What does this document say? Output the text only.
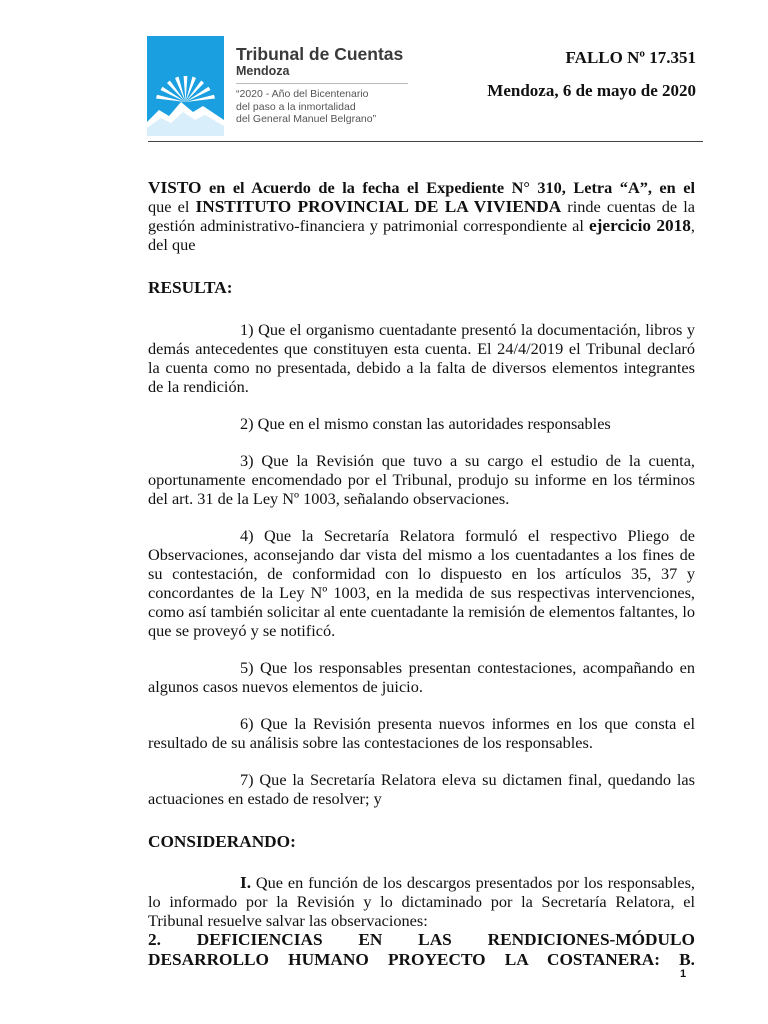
Tribunal de Cuentas
Mendoza
“2020 - Año del Bicentenario
del paso a la inmortalidad
del General Manuel Belgrano”
FALLO Nº 17.351
Mendoza, 6 de mayo de 2020

VISTO en el Acuerdo de la fecha el Expediente N° 310, Letra “A”, en el

que el INSTITUTO PROVINCIAL DE LA VIVIENDA rinde cuentas de la gestión administrativo-financiera y patrimonial correspondiente al ejercicio 2018, del que

RESULTA:

1) Que el organismo cuentadante presentó la documentación, libros y demás antecedentes que constituyen esta cuenta. El 24/4/2019 el Tribunal declaró la cuenta como no presentada, debido a la falta de diversos elementos integrantes de la rendición.

2) Que en el mismo constan las autoridades responsables

3) Que la Revisión que tuvo a su cargo el estudio de la cuenta, oportunamente encomendado por el Tribunal, produjo su informe en los términos del art. 31 de la Ley Nº 1003, señalando observaciones.

4) Que la Secretaría Relatora formuló el respectivo Pliego de Observaciones, aconsejando dar vista del mismo a los cuentadantes a los fines de su contestación, de conformidad con lo dispuesto en los artículos 35, 37 y concordantes de la Ley Nº 1003, en la medida de sus respectivas intervenciones, como así también solicitar al ente cuentadante la remisión de elementos faltantes, lo que se proveyó y se notificó.

5) Que los responsables presentan contestaciones, acompañando en algunos casos nuevos elementos de juicio.

6) Que la Revisión presenta nuevos informes en los que consta el resultado de su análisis sobre las contestaciones de los responsables.

7) Que la Secretaría Relatora eleva su dictamen final, quedando las actuaciones en estado de resolver; y

CONSIDERANDO:

I. Que en función de los descargos presentados por los responsables, lo informado por la Revisión y lo dictaminado por la Secretaría Relatora, el Tribunal resuelve salvar las observaciones:

2. DEFICIENCIAS EN LAS RENDICIONES-MÓDULO

DESARROLLO HUMANO PROYECTO LA COSTANERA: B.

1
